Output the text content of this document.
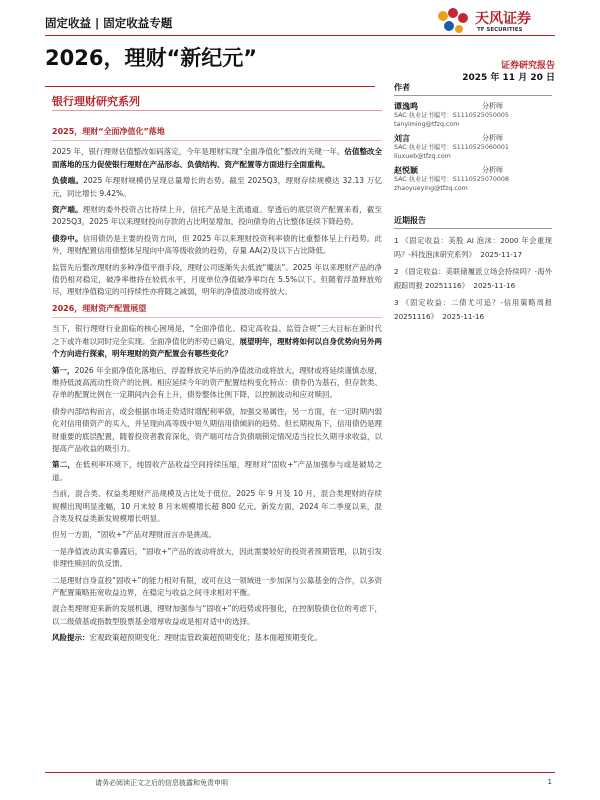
固定收益 | 固定收益专题	天风证券
TF SECURITIES
2026，理财“新纪元”	证券研究报告
2025 年 11 月 20 日
银行理财研究系列
2025，理财“全面净值化”落地

2025 年，银行理财估值整改如码落定，今年是理财实现“全面净值化”整改的关键一年。估值整改全面落地的压力促使银行理财在产品形态、负债结构、资产配置等方面进行全面重构。

负债端。2025 年理财规模仍呈现总量增长的态势。截至 2025Q3，理财存续规模达 32.13 万亿元，同比增长 9.42%。

资产端。理财的委外投资占比持续上升，信托产品是主流通道。穿透后的底层资产配置来看，截至 2025Q3，2025 年以来理财投向存款的占比明显增加，投向债券的占比整体延续下降趋势。

债券中。信用债仍是主要的投资方向，但 2025 年以来理财投资利率债的比重整体呈上行趋势。此外，理财配置信用债整体呈现向中高等级收敛的趋势，存量 AA(2)及以下占比降低。

监管先后整改理财的多种净值平滑手段，理财公司逐渐失去低波“魔法”。2025 年以来理财产品的净值仍相对稳定，破净率维持在较低水平，月度单位净值破净率均在 5.5%以下。但随着浮盈释放殆尽，理财净值稳定的可持续性亦将随之减弱，明年的净值波动或将放大。

2026，理财资产配置展望

当下，银行理财行业面临的核心困境是，“全面净值化、稳定高收益、监管合规”三大目标在新时代之下或许难以同时完全实现。全面净值化的形势已确定，展望明年，理财将如何以自身优势向另外两个方向进行探索，明年理财的资产配置会有哪些变化？

第一，2026 年全面净值化落地后，浮盈释放完毕后的净值波动或将放大，理财或将延续谨慎态度，维持低波高流动性资产的比例。相应延续今年的资产配置结构变化特点：债券仍为基石，但存款类、存单的配置比例在一定期间内会有上升，债券整体比例下降，以控制波动和应对赎回。

债券内部结构而言，或会根据市场走势适时增配利率债，加强交易属性，另一方面，在一定时期内弱化对信用债资产的买入，并呈现向高等级中短久期信用债倾斜的趋势。但长期视角下，信用债仍是理财重要的底层配置，随着投资者教育深化，资产端可结合负债端锁定情况适当拉长久期寻求收益，以提高产品收益的吸引力。

第二，在低利率环境下，纯固收产品收益空间持续压缩，理财对“固收+”产品加强参与或是破局之道。

当前，混合类、权益类理财产品规模及占比处于低位。2025 年 9 月及 10 月，混合类理财的存续规模出现明显涨幅，10 月末较 8 月末规模增长超 800 亿元。新发方面，2024 年二季度以来，混合类及权益类新发规模增长明显。

但另一方面，“固收+”产品对理财而言亦是挑战。

一是净值波动真实暴露后，“固收+”产品的波动将放大，因此需要较好的投资者预期管理，以防引发非理性赎回的负反馈。

二是理财自身直投“固收+”的能力相对有限，或可在这一领域进一步加深与公募基金的合作，以多资产配置策略拓宽收益边界，在稳定与收益之间寻求相对平衡。

混合类理财迎来新的发展机遇，理财加强参与“固收+”的趋势或将强化，在控制股债仓位的考虑下，以二级债基或指数型股票基金增厚收益或是相对适中的选择。

风险提示：宏观政策超预期变化；理财监管政策超预期变化；基本面超预期变化。

作者
谭逸鸣	分析师
SAC 执业证书编号：S1110525050005
tanyiming@tfzq.com
刘言	分析师
SAC 执业证书编号：S1110525060001
liuxueb@tfzq.com
赵悦颖	分析师
SAC 执业证书编号：S1110525070008
zhaoyueying@tfzq.com
近期报告
1 《固定收益：美股 AI 泡沫：2000 年会重现吗？-科技泡沫研究系列》 2025-11-17
2 《固定收益：美联储履派立场会持续吗？-海外跟踪周报 20251116》 2025-11-16
3 《固定收益：二债尤可追？-信用策略周报 20251116》 2025-11-16
请务必阅读正文之后的信息披露和免责申明	1
